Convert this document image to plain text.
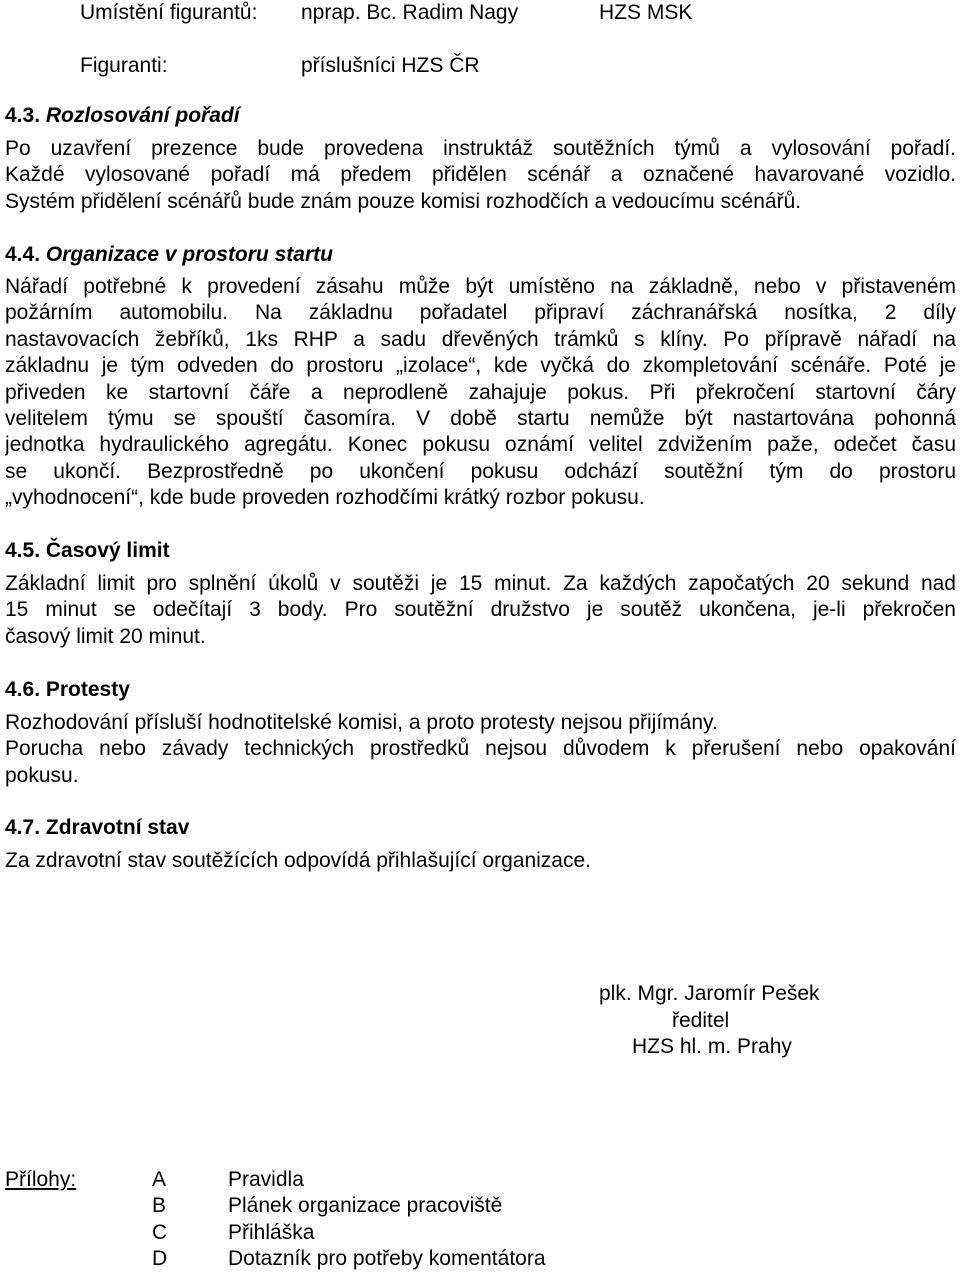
Umístění figurantů: nprap. Bc. Radim Nagy	HZS MSK
Figuranti:	příslušníci HZS ČR
4.3. Rozlosování pořadí
Po uzavření prezence bude provedena instruktáž soutěžních týmů a vylosování pořadí.
Každé vylosované pořadí má předem přidělen scénář a označené havarované vozidlo.
Systém přidělení scénářů bude znám pouze komisi rozhodčích a vedoucímu scénářů.
4.4. Organizace v prostoru startu
Nářadí potřebné k provedení zásahu může být umístěno na základně, nebo v přistaveném
požárním automobilu. Na základnu pořadatel připraví záchranářská nosítka, 2 díly
nastavovacích žebříků, 1ks RHP a sadu dřevěných trámků s klíny. Po přípravě nářadí na
základnu je tým odveden do prostoru „izolace“, kde vyčká do zkompletování scénáře. Poté je
přiveden ke startovní čáře a neprodleně zahajuje pokus. Při překročení startovní čáry
velitelem týmu se spouští časomíra. V době startu nemůže být nastartována pohonná
jednotka hydraulického agregátu. Konec pokusu oznámí velitel zdvižením paže, odečet času
se ukončí. Bezprostředně po ukončení pokusu odchází soutěžní tým do prostoru
„vyhodnocení“, kde bude proveden rozhodčími krátký rozbor pokusu.
4.5. Časový limit
Základní limit pro splnění úkolů v soutěži je 15 minut. Za každých započatých 20 sekund nad
15 minut se odečítají 3 body. Pro soutěžní družstvo je soutěž ukončena, je-li překročen
časový limit 20 minut.
4.6. Protesty
Rozhodování přísluší hodnotitelské komisi, a proto protesty nejsou přijímány.
Porucha nebo závady technických prostředků nejsou důvodem k přerušení nebo opakování
pokusu.
4.7. Zdravotní stav
Za zdravotní stav soutěžících odpovídá přihlašující organizace.
plk. Mgr. Jaromír Pešek
ředitel
HZS hl. m. Prahy
Přílohy:	A	Pravidla
B	Plánek organizace pracoviště
C	Přihláška
D	Dotazník pro potřeby komentátora
